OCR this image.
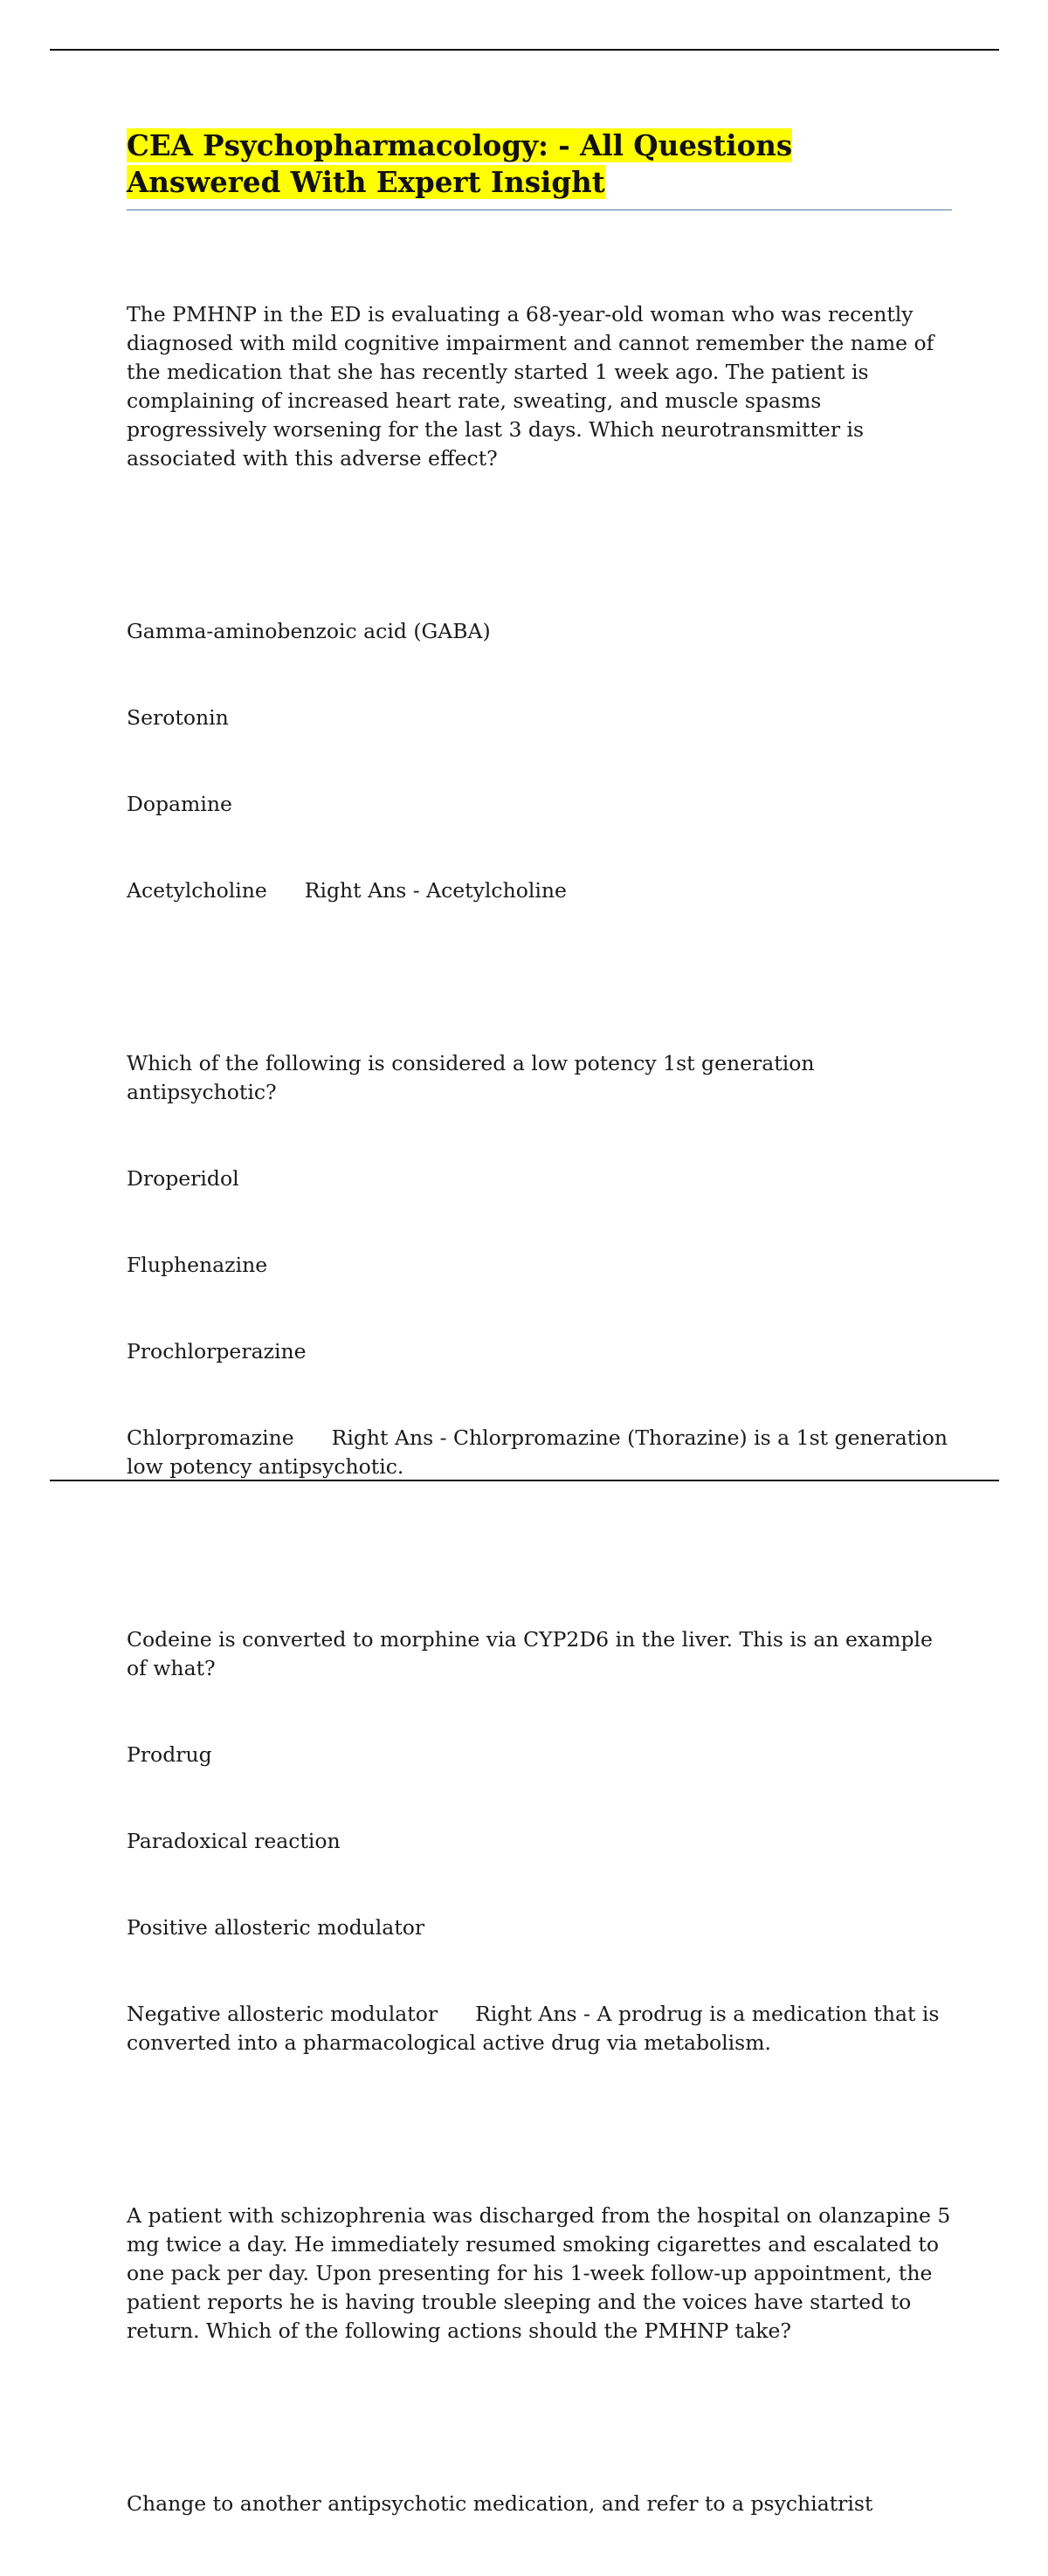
CEA Psychopharmacology: - All Questions Answered With Expert Insight

The PMHNP in the ED is evaluating a 68-year-old woman who was recently diagnosed with mild cognitive impairment and cannot remember the name of the medication that she has recently started 1 week ago. The patient is complaining of increased heart rate, sweating, and muscle spasms progressively worsening for the last 3 days. Which neurotransmitter is associated with this adverse effect?

Gamma-aminobenzoic acid (GABA)

Serotonin

Dopamine

Acetylcholine Right Ans - Acetylcholine

Which of the following is considered a low potency 1st generation antipsychotic?

Droperidol

Fluphenazine

Prochlorperazine

Chlorpromazine Right Ans - Chlorpromazine (Thorazine) is a 1st generation low potency antipsychotic.

Codeine is converted to morphine via CYP2D6 in the liver. This is an example of what?

Prodrug

Paradoxical reaction

Positive allosteric modulator

Negative allosteric modulator Right Ans - A prodrug is a medication that is converted into a pharmacological active drug via metabolism.

A patient with schizophrenia was discharged from the hospital on olanzapine 5 mg twice a day. He immediately resumed smoking cigarettes and escalated to one pack per day. Upon presenting for his 1-week follow-up appointment, the patient reports he is having trouble sleeping and the voices have started to return. Which of the following actions should the PMHNP take?

Change to another antipsychotic medication, and refer to a psychiatrist
